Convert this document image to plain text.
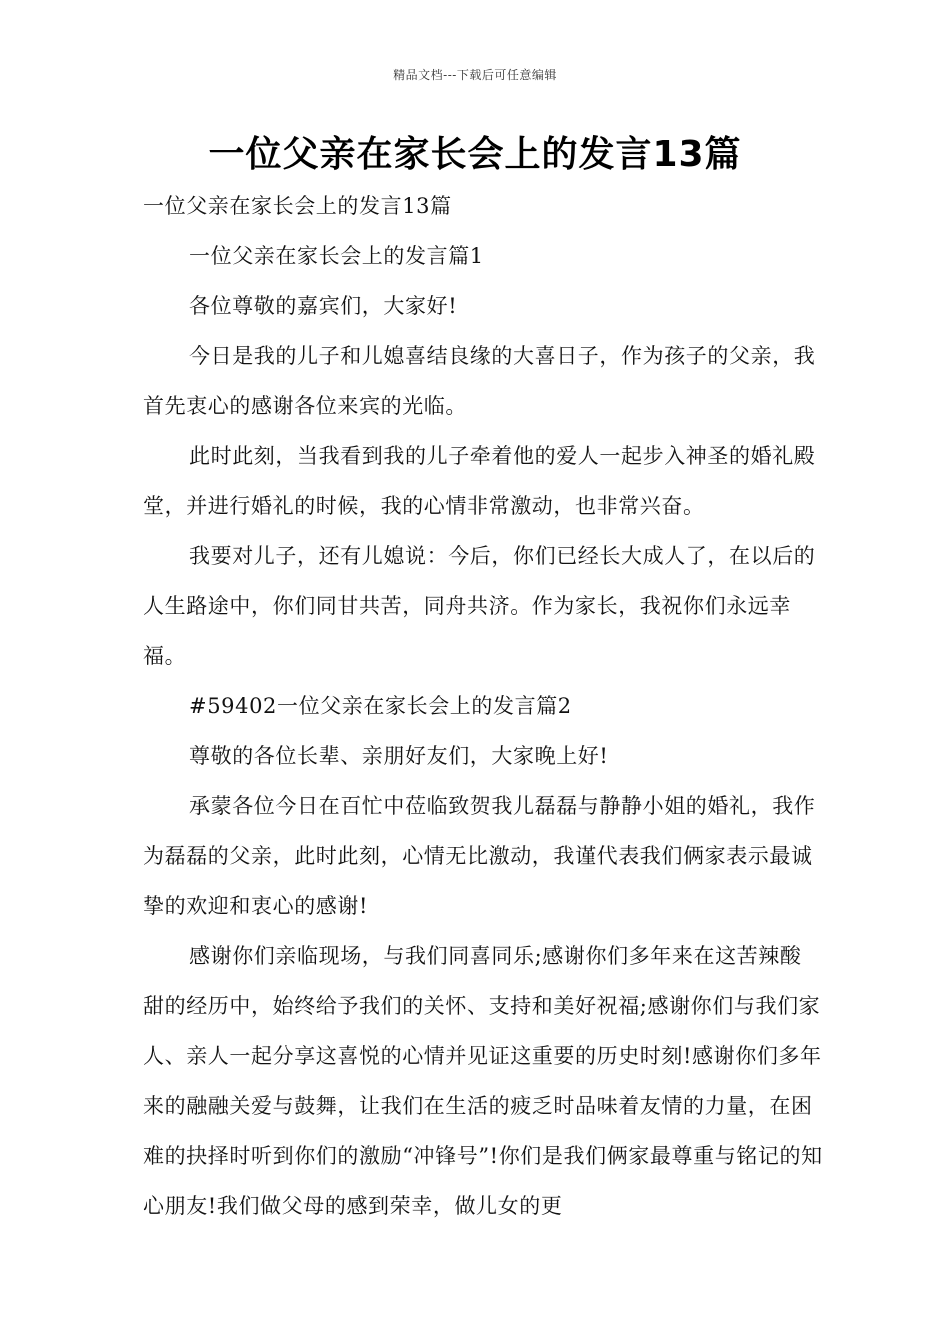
精品文档---下载后可任意编辑
一位父亲在家长会上的发言13篇

一位父亲在家长会上的发言13篇

一位父亲在家长会上的发言篇1

各位尊敬的嘉宾们，大家好!

今日是我的儿子和儿媳喜结良缘的大喜日子，作为孩子的父亲，我首先衷心的感谢各位来宾的光临。

此时此刻，当我看到我的儿子牵着他的爱人一起步入神圣的婚礼殿堂，并进行婚礼的时候，我的心情非常激动，也非常兴奋。

我要对儿子，还有儿媳说：今后，你们已经长大成人了，在以后的人生路途中，你们同甘共苦，同舟共济。作为家长，我祝你们永远幸福。

#59402一位父亲在家长会上的发言篇2

尊敬的各位长辈、亲朋好友们，大家晚上好!

承蒙各位今日在百忙中莅临致贺我儿磊磊与静静小姐的婚礼，我作为磊磊的父亲，此时此刻，心情无比激动，我谨代表我们俩家表示最诚挚的欢迎和衷心的感谢!

感谢你们亲临现场，与我们同喜同乐;感谢你们多年来在这苦辣酸甜的经历中，始终给予我们的关怀、支持和美好祝福;感谢你们与我们家人、亲人一起分享这喜悦的心情并见证这重要的历史时刻!感谢你们多年来的融融关爱与鼓舞，让我们在生活的疲乏时品味着友情的力量，在困难的抉择时听到你们的激励“冲锋号”!你们是我们俩家最尊重与铭记的知心朋友!我们做父母的感到荣幸，做儿女的更
